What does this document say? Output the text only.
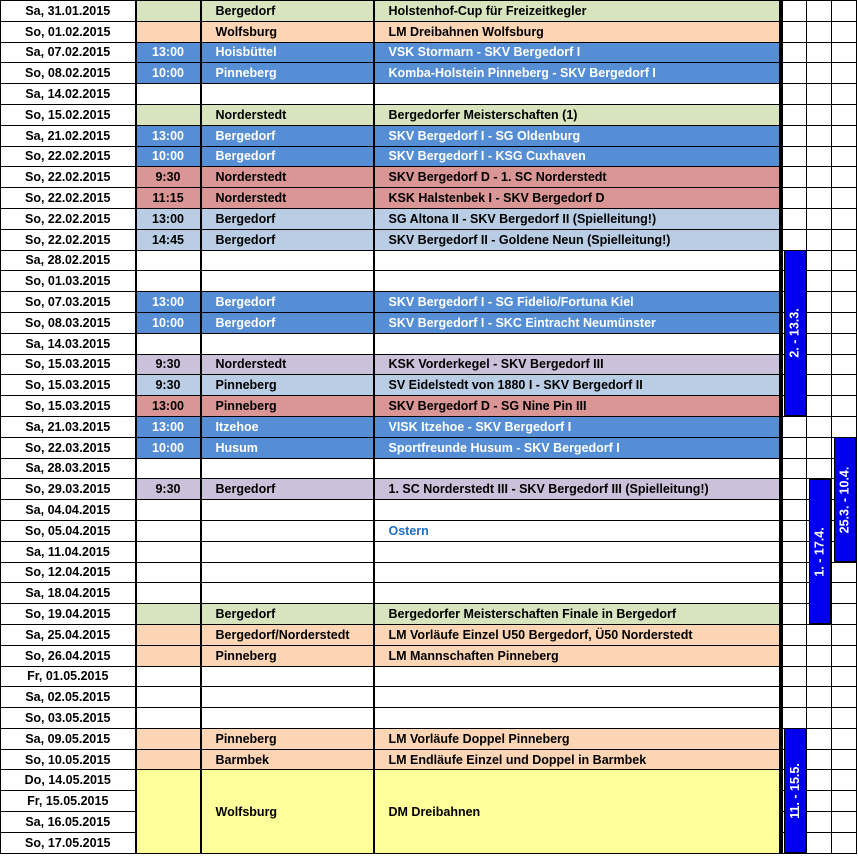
Sa, 31.01.2015		Bergedorf	Holstenhof-Cup für Freizeitkegler				
So, 01.02.2015		Wolfsburg	LM Dreibahnen Wolfsburg				
Sa, 07.02.2015	13:00	Hoisbüttel	VSK Stormarn - SKV Bergedorf I				
So, 08.02.2015	10:00	Pinneberg	Komba-Holstein Pinneberg - SKV Bergedorf I				
Sa, 14.02.2015							
So, 15.02.2015		Norderstedt	Bergedorfer Meisterschaften (1)				
Sa, 21.02.2015	13:00	Bergedorf	SKV Bergedorf I - SG Oldenburg				
So, 22.02.2015	10:00	Bergedorf	SKV Bergedorf I - KSG Cuxhaven				
So, 22.02.2015	9:30	Norderstedt	SKV Bergedorf D - 1. SC Norderstedt				
So, 22.02.2015	11:15	Norderstedt	KSK Halstenbek I - SKV Bergedorf D				
So, 22.02.2015	13:00	Bergedorf	SG Altona II - SKV Bergedorf II (Spielleitung!)				
So, 22.02.2015	14:45	Bergedorf	SKV Bergedorf II - Goldene Neun (Spielleitung!)				
Sa, 28.02.2015							
So, 01.03.2015							
So, 07.03.2015	13:00	Bergedorf	SKV Bergedorf I - SG Fidelio/Fortuna Kiel				
So, 08.03.2015	10:00	Bergedorf	SKV Bergedorf I - SKC Eintracht Neumünster				
Sa, 14.03.2015							
So, 15.03.2015	9:30	Norderstedt	KSK Vorderkegel - SKV Bergedorf III				
So, 15.03.2015	9:30	Pinneberg	SV Eidelstedt von 1880 I - SKV Bergedorf II				
So, 15.03.2015	13:00	Pinneberg	SKV Bergedorf D - SG Nine Pin III				
Sa, 21.03.2015	13:00	Itzehoe	VISK Itzehoe - SKV Bergedorf I				
So, 22.03.2015	10:00	Husum	Sportfreunde Husum - SKV Bergedorf I				
Sa, 28.03.2015							
So, 29.03.2015	9:30	Bergedorf	1. SC Norderstedt III - SKV Bergedorf III (Spielleitung!)				
Sa, 04.04.2015							
So, 05.04.2015			Ostern				
Sa, 11.04.2015							
So, 12.04.2015							
Sa, 18.04.2015							
So, 19.04.2015		Bergedorf	Bergedorfer Meisterschaften Finale in Bergedorf				
Sa, 25.04.2015		Bergedorf/Norderstedt	LM Vorläufe Einzel U50 Bergedorf, Ü50 Norderstedt				
So, 26.04.2015		Pinneberg	LM Mannschaften Pinneberg				
Fr, 01.05.2015							
Sa, 02.05.2015							
So, 03.05.2015							
Sa, 09.05.2015		Pinneberg	LM Vorläufe Doppel Pinneberg				
So, 10.05.2015		Barmbek	LM Endläufe Einzel und Doppel in Barmbek				
Do, 14.05.2015		Wolfsburg	DM Dreibahnen				
Fr, 15.05.2015							
Sa, 16.05.2015							
So, 17.05.2015							
2. - 13.3.
25.3. - 10.4.
1. - 17.4.
11. - 15.5.
